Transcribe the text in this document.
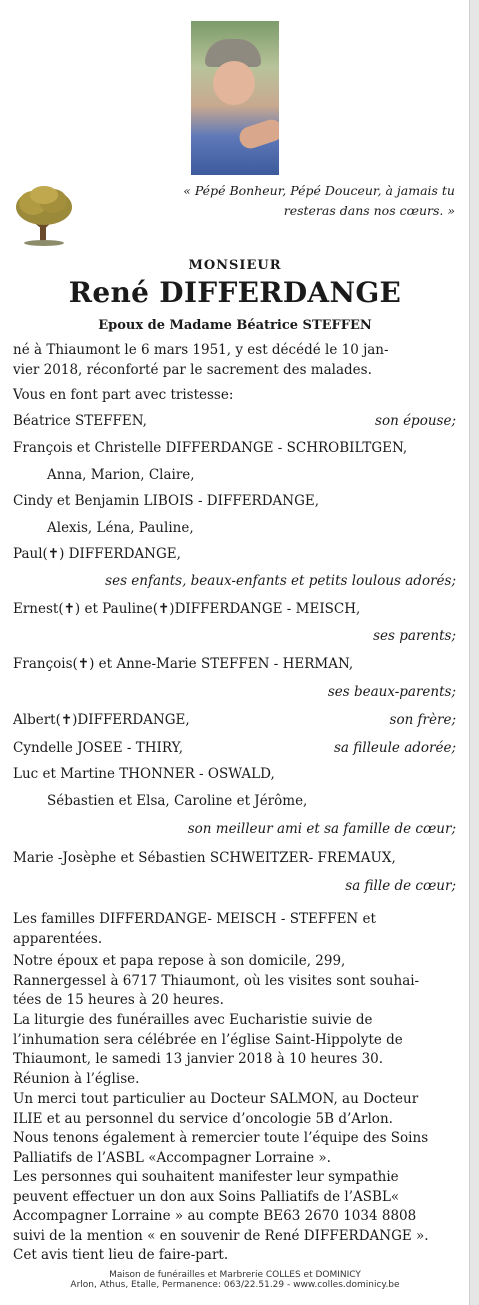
« Pépé Bonheur, Pépé Douceur, à jamais tu
resteras dans nos cœurs. »
MONSIEUR
René DIFFERDANGE
Epoux de Madame Béatrice STEFFEN
né à Thiaumont le 6 mars 1951, y est décédé le 10 jan-
vier 2018, réconforté par le sacrement des malades.
Vous en font part avec tristesse:
Béatrice STEFFEN,	son épouse;
François et Christelle DIFFERDANGE - SCHROBILTGEN,
Anna, Marion, Claire,
Cindy et Benjamin LIBOIS - DIFFERDANGE,
Alexis, Léna, Pauline,
Paul(✝) DIFFERDANGE,
ses enfants, beaux-enfants et petits loulous adorés;
Ernest(✝) et Pauline(✝)DIFFERDANGE - MEISCH,
ses parents;
François(✝) et Anne-Marie STEFFEN - HERMAN,
ses beaux-parents;
Albert(✝)DIFFERDANGE,	son frère;
Cyndelle JOSEE - THIRY,	sa filleule adorée;
Luc et Martine THONNER - OSWALD,
Sébastien et Elsa, Caroline et Jérôme,
son meilleur ami et sa famille de cœur;
Marie -Josèphe et Sébastien SCHWEITZER- FREMAUX,
sa fille de cœur;
Les familles DIFFERDANGE- MEISCH - STEFFEN et
apparentées.
Notre époux et papa repose à son domicile, 299,
Rannergessel à 6717 Thiaumont, où les visites sont souhai-
tées de 15 heures à 20 heures.
La liturgie des funérailles avec Eucharistie suivie de
l’inhumation sera célébrée en l’église Saint-Hippolyte de
Thiaumont, le samedi 13 janvier 2018 à 10 heures 30.
Réunion à l’église.
Un merci tout particulier au Docteur SALMON, au Docteur
ILIE et au personnel du service d’oncologie 5B d’Arlon.
Nous tenons également à remercier toute l’équipe des Soins
Palliatifs de l’ASBL «Accompagner Lorraine ».
Les personnes qui souhaitent manifester leur sympathie
peuvent effectuer un don aux Soins Palliatifs de l’ASBL«
Accompagner Lorraine » au compte BE63 2670 1034 8808
suivi de la mention « en souvenir de René DIFFERDANGE ».
Cet avis tient lieu de faire-part.
Maison de funérailles et Marbrerie COLLES et DOMINICY
Arlon, Athus, Etalle, Permanence: 063/22.51.29 - www.colles.dominicy.be
